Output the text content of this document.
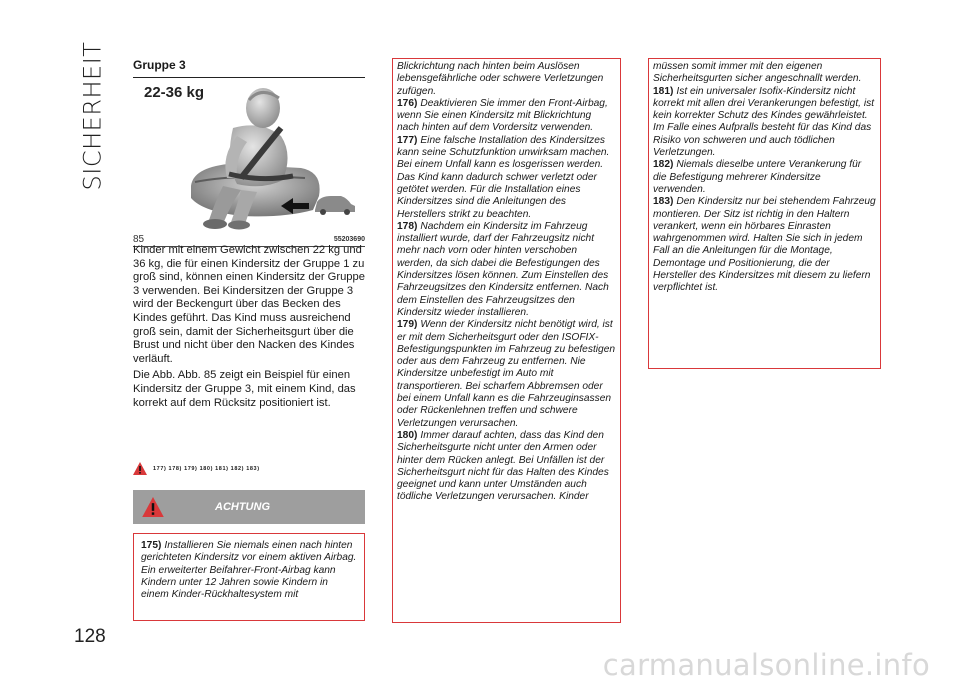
SICHERHEIT Gruppe 3
22-36 kg
85	55203690

Kinder mit einem Gewicht zwischen 22 kg und 36 kg, die für einen Kindersitz der Gruppe 1 zu groß sind, können einen Kindersitz der Gruppe 3 verwenden. Bei Kindersitzen der Gruppe 3 wird der Beckengurt über das Becken des Kindes geführt. Das Kind muss ausreichend groß sein, damit der Sicherheitsgurt über die Brust und nicht über den Nacken des Kindes verläuft.

Die Abb. Abb. 85 zeigt ein Beispiel für einen Kindersitz der Gruppe 3, mit einem Kind, das korrekt auf dem Rücksitz positioniert ist.

177) 178) 179) 180) 181) 182) 183)
ACHTUNG

175) Installieren Sie niemals einen nach hinten gerichteten Kindersitz vor einem aktiven Airbag. Ein erweiterter Beifahrer-Front-Airbag kann Kindern unter 12 Jahren sowie Kindern in einem Kinder-Rückhaltesystem mit

Blickrichtung nach hinten beim Auslösen lebensgefährliche oder schwere Verletzungen zufügen.

176) Deaktivieren Sie immer den Front-Airbag, wenn Sie einen Kindersitz mit Blickrichtung nach hinten auf dem Vordersitz verwenden.

177) Eine falsche Installation des Kindersitzes kann seine Schutzfunktion unwirksam machen. Bei einem Unfall kann es losgerissen werden. Das Kind kann dadurch schwer verletzt oder getötet werden. Für die Installation eines Kindersitzes sind die Anleitungen des Herstellers strikt zu beachten.

178) Nachdem ein Kindersitz im Fahrzeug installiert wurde, darf der Fahrzeugsitz nicht mehr nach vorn oder hinten verschoben werden, da sich dabei die Befestigungen des Kindersitzes lösen können. Zum Einstellen des Fahrzeugsitzes den Kindersitz entfernen. Nach dem Einstellen des Fahrzeugsitzes den Kindersitz wieder installieren.

179) Wenn der Kindersitz nicht benötigt wird, ist er mit dem Sicherheitsgurt oder den ISOFIX-Befestigungspunkten im Fahrzeug zu befestigen oder aus dem Fahrzeug zu entfernen. Nie Kindersitze unbefestigt im Auto mit transportieren. Bei scharfem Abbremsen oder bei einem Unfall kann es die Fahrzeuginsassen oder Rückenlehnen treffen und schwere Verletzungen verursachen.

180) Immer darauf achten, dass das Kind den Sicherheitsgurte nicht unter den Armen oder hinter dem Rücken anlegt. Bei Unfällen ist der Sicherheitsgurt nicht für das Halten des Kindes geeignet und kann unter Umständen auch tödliche Verletzungen verursachen. Kinder

müssen somit immer mit den eigenen Sicherheitsgurten sicher angeschnallt werden.

181) Ist ein universaler Isofix-Kindersitz nicht korrekt mit allen drei Verankerungen befestigt, ist kein korrekter Schutz des Kindes gewährleistet. Im Falle eines Aufpralls besteht für das Kind das Risiko von schweren und auch tödlichen Verletzungen.

182) Niemals dieselbe untere Verankerung für die Befestigung mehrerer Kindersitze verwenden.

183) Den Kindersitz nur bei stehendem Fahrzeug montieren. Der Sitz ist richtig in den Haltern verankert, wenn ein hörbares Einrasten wahrgenommen wird. Halten Sie sich in jedem Fall an die Anleitungen für die Montage, Demontage und Positionierung, die der Hersteller des Kindersitzes mit diesem zu liefern verpflichtet ist.

128
carmanualsonline.info
